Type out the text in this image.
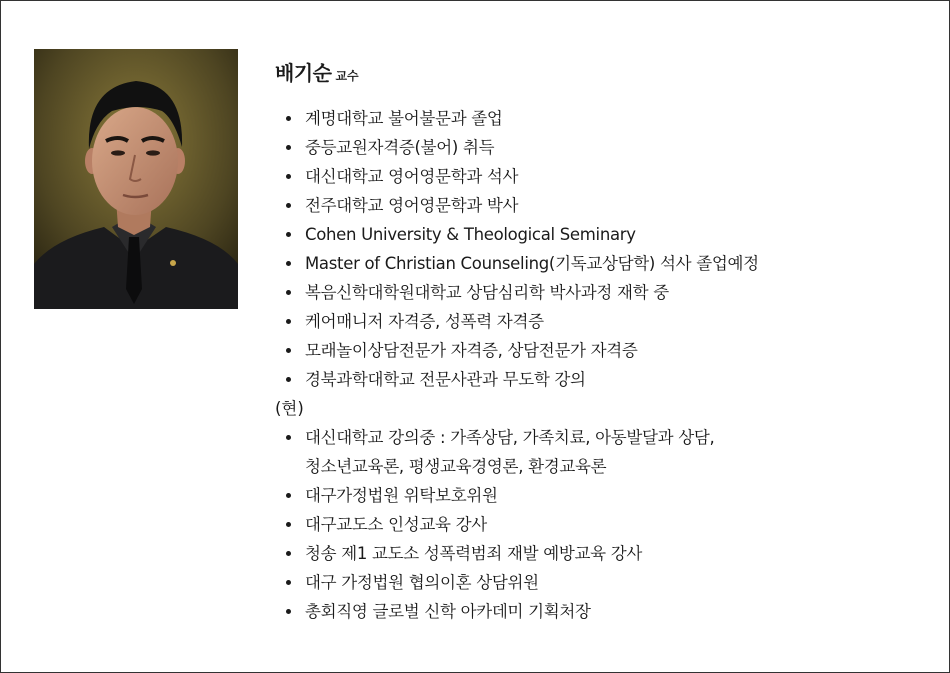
배기순 교수
계명대학교 불어불문과 졸업
중등교원자격증(불어) 취득
대신대학교 영어영문학과 석사
전주대학교 영어영문학과 박사
Cohen University & Theological Seminary
Master of Christian Counseling(기독교상담학) 석사 졸업예정
복음신학대학원대학교 상담심리학 박사과정 재학 중
케어매니저 자격증, 성폭력 자격증
모래놀이상담전문가 자격증, 상담전문가 자격증
경북과학대학교 전문사관과 무도학 강의

(현)

대신대학교 강의중 : 가족상담, 가족치료, 아동발달과 상담,
청소년교육론, 평생교육경영론, 환경교육론
대구가정법원 위탁보호위원
대구교도소 인성교육 강사
청송 제1 교도소 성폭력범죄 재발 예방교육 강사
대구 가정법원 협의이혼 상담위원
총회직영 글로벌 신학 아카데미 기획처장
